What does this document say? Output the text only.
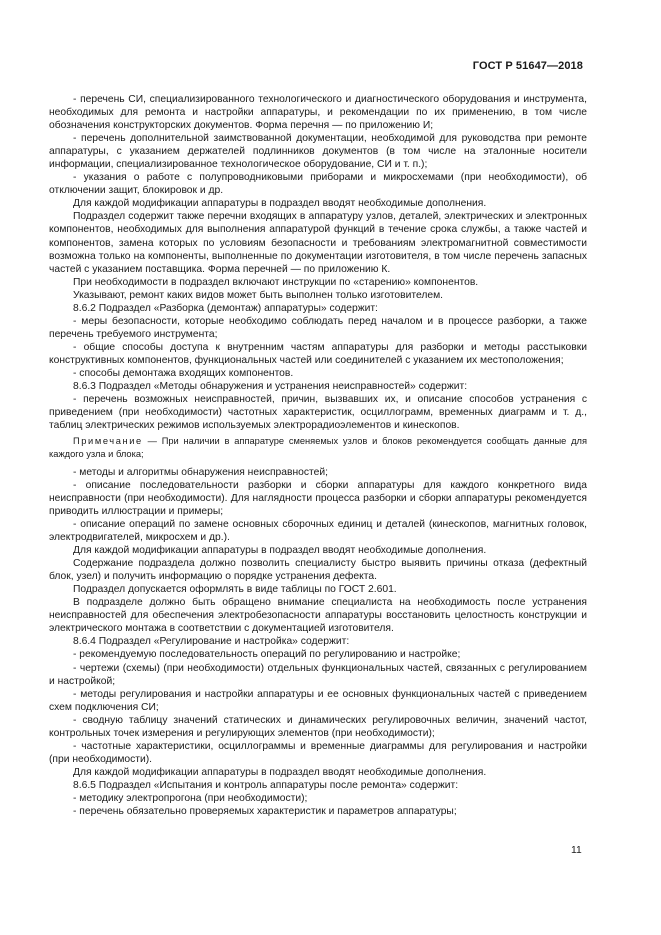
ГОСТ Р 51647—2018

- перечень СИ, специализированного технологического и диагностического оборудования и инструмента, необходимых для ремонта и настройки аппаратуры, и рекомендации по их применению, в том числе обозначения конструкторских документов. Форма перечня — по приложению И;

- перечень дополнительной заимствованной документации, необходимой для руководства при ремонте аппаратуры, с указанием держателей подлинников документов (в том числе на эталонные носители информации, специализированное технологическое оборудование, СИ и т. п.);

- указания о работе с полупроводниковыми приборами и микросхемами (при необходимости), об отключении защит, блокировок и др.

Для каждой модификации аппаратуры в подраздел вводят необходимые дополнения.

Подраздел содержит также перечни входящих в аппаратуру узлов, деталей, электрических и электронных компонентов, необходимых для выполнения аппаратурой функций в течение срока службы, а также частей и компонентов, замена которых по условиям безопасности и требованиям электромагнитной совместимости возможна только на компоненты, выполненные по документации изготовителя, в том числе перечень запасных частей с указанием поставщика. Форма перечней — по приложению К.

При необходимости в подраздел включают инструкции по «старению» компонентов.

Указывают, ремонт каких видов может быть выполнен только изготовителем.

8.6.2 Подраздел «Разборка (демонтаж) аппаратуры» содержит:

- меры безопасности, которые необходимо соблюдать перед началом и в процессе разборки, а также перечень требуемого инструмента;

- общие способы доступа к внутренним частям аппаратуры для разборки и методы расстыковки конструктивных компонентов, функциональных частей или соединителей с указанием их местоположения;

- способы демонтажа входящих компонентов.

8.6.3 Подраздел «Методы обнаружения и устранения неисправностей» содержит:

- перечень возможных неисправностей, причин, вызвавших их, и описание способов устранения с приведением (при необходимости) частотных характеристик, осциллограмм, временных диаграмм и т. д., таблиц электрических режимов используемых электрорадиоэлементов и кинескопов.

Примечание — При наличии в аппаратуре сменяемых узлов и блоков рекомендуется сообщать данные для каждого узла и блока;

- методы и алгоритмы обнаружения неисправностей;

- описание последовательности разборки и сборки аппаратуры для каждого конкретного вида неисправности (при необходимости). Для наглядности процесса разборки и сборки аппаратуры рекомендуется приводить иллюстрации и примеры;

- описание операций по замене основных сборочных единиц и деталей (кинескопов, магнитных головок, электродвигателей, микросхем и др.).

Для каждой модификации аппаратуры в подраздел вводят необходимые дополнения.

Содержание подраздела должно позволить специалисту быстро выявить причины отказа (дефектный блок, узел) и получить информацию о порядке устранения дефекта.

Подраздел допускается оформлять в виде таблицы по ГОСТ 2.601.

В подразделе должно быть обращено внимание специалиста на необходимость после устранения неисправностей для обеспечения электробезопасности аппаратуры восстановить целостность конструкции и электрического монтажа в соответствии с документацией изготовителя.

8.6.4 Подраздел «Регулирование и настройка» содержит:

- рекомендуемую последовательность операций по регулированию и настройке;

- чертежи (схемы) (при необходимости) отдельных функциональных частей, связанных с регулированием и настройкой;

- методы регулирования и настройки аппаратуры и ее основных функциональных частей с приведением схем подключения СИ;

- сводную таблицу значений статических и динамических регулировочных величин, значений частот, контрольных точек измерения и регулирующих элементов (при необходимости);

- частотные характеристики, осциллограммы и временные диаграммы для регулирования и настройки (при необходимости).

Для каждой модификации аппаратуры в подраздел вводят необходимые дополнения.

8.6.5 Подраздел «Испытания и контроль аппаратуры после ремонта» содержит:

- методику электропрогона (при необходимости);

- перечень обязательно проверяемых характеристик и параметров аппаратуры;

11
